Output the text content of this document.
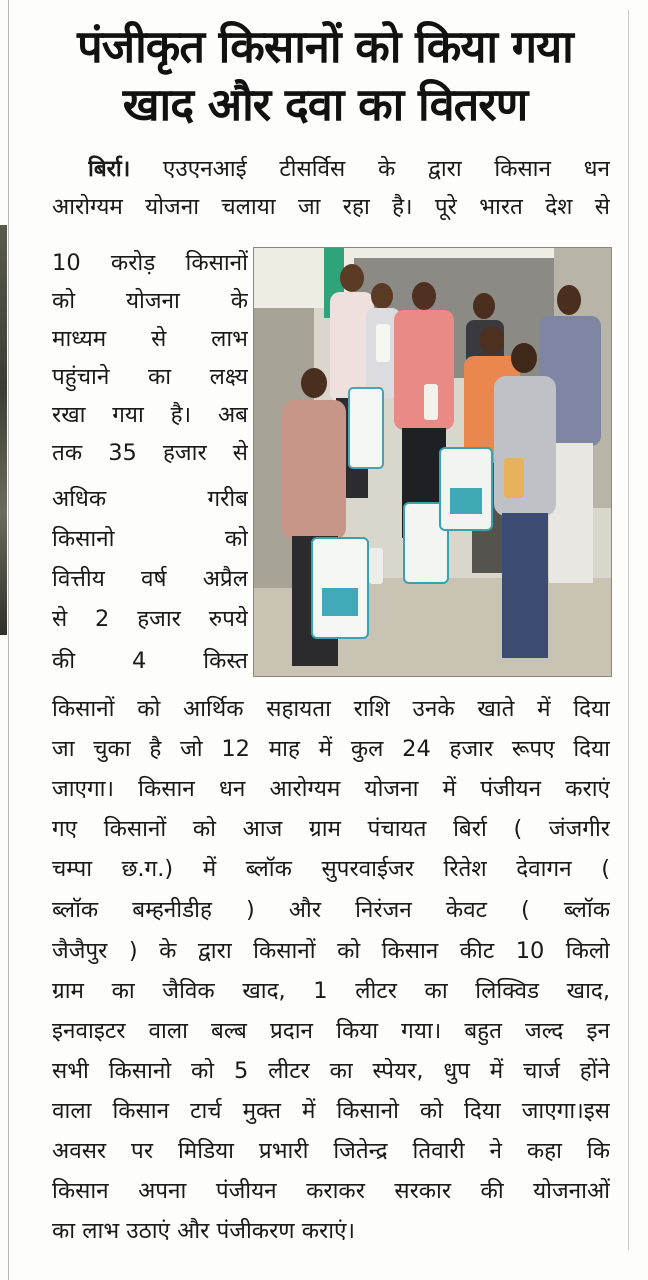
पंजीकृत किसानों को किया गया
खाद और दवा का वितरण
बिर्रा। एउएनआई टीसर्विस के द्वारा किसान धन
आरोग्यम योजना चलाया जा रहा है। पूरे भारत देश से
10 करोड़ किसानों
को योजना के
माध्यम से लाभ
पहुंचाने का लक्ष्य
रखा गया है। अब
तक 35 हजार से
अधिक गरीब
किसानो को
वित्तीय वर्ष अप्रैल
से 2 हजार रुपये
की 4 किस्त
किसानों को आर्थिक सहायता राशि उनके खाते में दिया
जा चुका है जो 12 माह में कुल 24 हजार रूपए दिया
जाएगा। किसान धन आरोग्यम योजना में पंजीयन कराएं
गए किसानों को आज ग्राम पंचायत बिर्रा ( जंजगीर
चम्पा छ.ग.) में ब्लॉक सुपरवाईजर रितेश देवागन (
ब्लॉक बम्हनीडीह ) और निरंजन केवट ( ब्लॉक
जैजैपुर ) के द्वारा किसानों को किसान कीट 10 किलो
ग्राम का जैविक खाद, 1 लीटर का लिक्विड खाद,
इनवाइटर वाला बल्ब प्रदान किया गया। बहुत जल्द इन
सभी किसानो को 5 लीटर का स्पेयर, धुप में चार्ज होंने
वाला किसान टार्च मुक्त में किसानो को दिया जाएगा।इस
अवसर पर मिडिया प्रभारी जितेन्द्र तिवारी ने कहा कि
किसान अपना पंजीयन कराकर सरकार की योजनाओं
का लाभ उठाएं और पंजीकरण कराएं।
